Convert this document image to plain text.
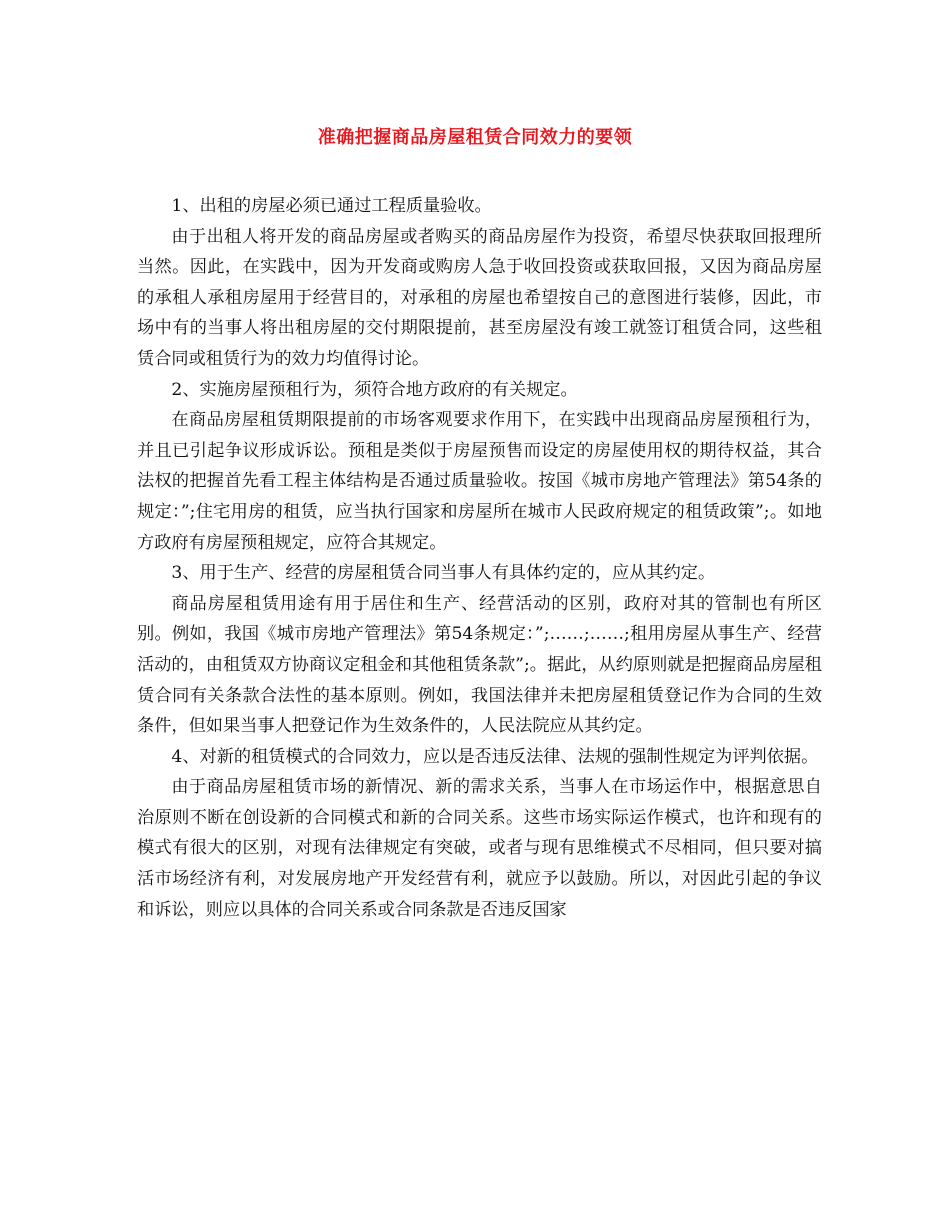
准确把握商品房屋租赁合同效力的要领

1、出租的房屋必须已通过工程质量验收。

由于出租人将开发的商品房屋或者购买的商品房屋作为投资，希望尽快获取回报理所当然。因此，在实践中，因为开发商或购房人急于收回投资或获取回报，又因为商品房屋的承租人承租房屋用于经营目的，对承租的房屋也希望按自己的意图进行装修，因此，市场中有的当事人将出租房屋的交付期限提前，甚至房屋没有竣工就签订租赁合同，这些租赁合同或租赁行为的效力均值得讨论。

2、实施房屋预租行为，须符合地方政府的有关规定。

在商品房屋租赁期限提前的市场客观要求作用下，在实践中出现商品房屋预租行为，并且已引起争议形成诉讼。预租是类似于房屋预售而设定的房屋使用权的期待权益，其合法权的把握首先看工程主体结构是否通过质量验收。按国《城市房地产管理法》第54条的规定：”;住宅用房的租赁，应当执行国家和房屋所在城市人民政府规定的租赁政策”;。如地方政府有房屋预租规定，应符合其规定。

3、用于生产、经营的房屋租赁合同当事人有具体约定的，应从其约定。

商品房屋租赁用途有用于居住和生产、经营活动的区别，政府对其的管制也有所区别。例如，我国《城市房地产管理法》第54条规定：”;……;……;租用房屋从事生产、经营活动的，由租赁双方协商议定租金和其他租赁条款”;。据此，从约原则就是把握商品房屋租赁合同有关条款合法性的基本原则。例如，我国法律并未把房屋租赁登记作为合同的生效条件，但如果当事人把登记作为生效条件的，人民法院应从其约定。

4、对新的租赁模式的合同效力，应以是否违反法律、法规的强制性规定为评判依据。

由于商品房屋租赁市场的新情况、新的需求关系，当事人在市场运作中，根据意思自治原则不断在创设新的合同模式和新的合同关系。这些市场实际运作模式，也许和现有的模式有很大的区别，对现有法律规定有突破，或者与现有思维模式不尽相同，但只要对搞活市场经济有利，对发展房地产开发经营有利，就应予以鼓励。所以，对因此引起的争议和诉讼，则应以具体的合同关系或合同条款是否违反国家
